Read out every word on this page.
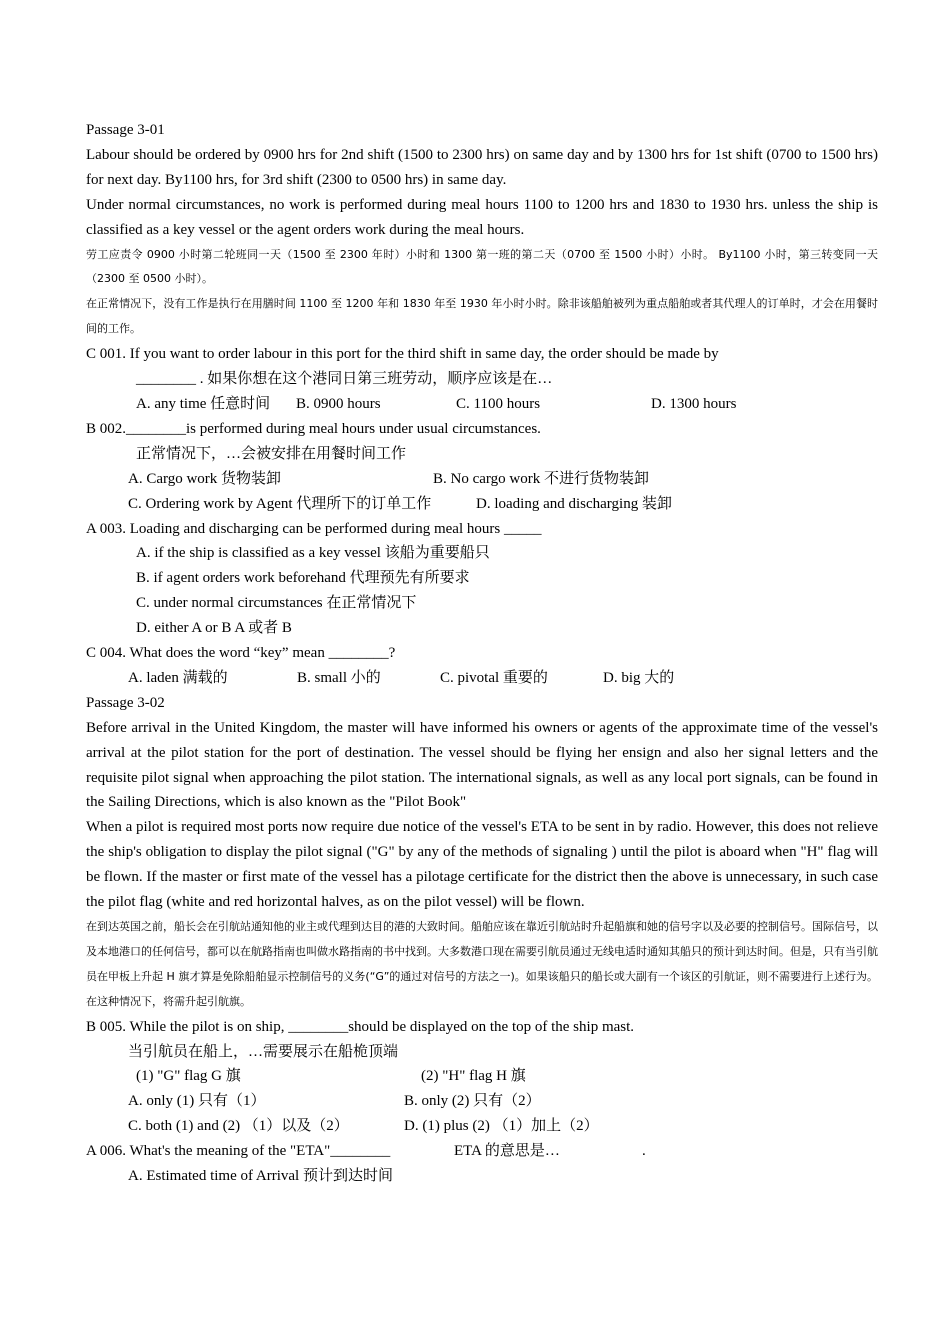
Passage 3-01
Labour should be ordered by 0900 hrs for 2nd shift (1500 to 2300 hrs) on same day and by 1300 hrs for 1st shift (0700 to 1500 hrs) for next day. By1100 hrs, for 3rd shift (2300 to 0500 hrs) in same day.
Under normal circumstances, no work is performed during meal hours 1100 to 1200 hrs and 1830 to 1930 hrs. unless the ship is classified as a key vessel or the agent orders work during the meal hours.
劳工应责令 0900 小时第二轮班同一天（1500 至 2300 年时）小时和 1300 第一班的第二天（0700 至 1500 小时）小时。 By1100 小时，第三转变同一天（2300 至 0500 小时）。
在正常情况下，没有工作是执行在用膳时间 1100 至 1200 年和 1830 年至 1930 年小时小时。除非该船舶被列为重点船舶或者其代理人的订单时，才会在用餐时间的工作。
C 001. If you want to order labour in this port for the third shift in same day, the order should be made by
________ . 如果你想在这个港同日第三班劳动，顺序应该是在…
A. any time 任意时间 B. 0900 hours	C. 1100 hours	D. 1300 hours
B 002.________is performed during meal hours under usual circumstances.
正常情况下，…会被安排在用餐时间工作
A. Cargo work 货物装卸	B. No cargo work 不进行货物装卸
C. Ordering work by Agent 代理所下的订单工作	D. loading and discharging 装卸
A 003. Loading and discharging can be performed during meal hours _____
A. if the ship is classified as a key vessel 该船为重要船只
B. if agent orders work beforehand 代理预先有所要求
C. under normal circumstances 在正常情况下
D. either A or B A 或者 B
C 004. What does the word “key” mean ________?
A. laden 满载的	B. small 小的	C. pivotal 重要的	D. big 大的
Passage 3-02
Before arrival in the United Kingdom, the master will have informed his owners or agents of the approximate time of the vessel's arrival at the pilot station for the port of destination. The vessel should be flying her ensign and also her signal letters and the requisite pilot signal when approaching the pilot station. The international signals, as well as any local port signals, can be found in the Sailing Directions, which is also known as the "Pilot Book"
When a pilot is required most ports now require due notice of the vessel's ETA to be sent in by radio. However, this does not relieve the ship's obligation to display the pilot signal ("G" by any of the methods of signaling ) until the pilot is aboard when "H" flag will be flown. If the master or first mate of the vessel has a pilotage certificate for the district then the above is unnecessary, in such case the pilot flag (white and red horizontal halves, as on the pilot vessel) will be flown.
在到达英国之前，船长会在引航站通知他的业主或代理到达目的港的大致时间。船舶应该在靠近引航站时升起船旗和她的信号字以及必要的控制信号。国际信号，以及本地港口的任何信号，都可以在航路指南也叫做水路指南的书中找到。大多数港口现在需要引航员通过无线电适时通知其船只的预计到达时间。但是，只有当引航员在甲板上升起 H 旗才算是免除船舶显示控制信号的义务(“G”的通过对信号的方法之一)。如果该船只的船长或大副有一个该区的引航证，则不需要进行上述行为。在这种情况下，将需升起引航旗。
B 005. While the pilot is on ship, ________should be displayed on the top of the ship mast.
当引航员在船上，…需要展示在船桅顶端
(1) "G" flag G 旗	(2) "H" flag H 旗
A. only (1) 只有（1）	B. only (2) 只有（2）
C. both (1) and (2) （1）以及（2）	D. (1) plus (2) （1）加上（2）
A 006. What's the meaning of the "ETA"________	ETA 的意思是…	.
A. Estimated time of Arrival 预计到达时间
